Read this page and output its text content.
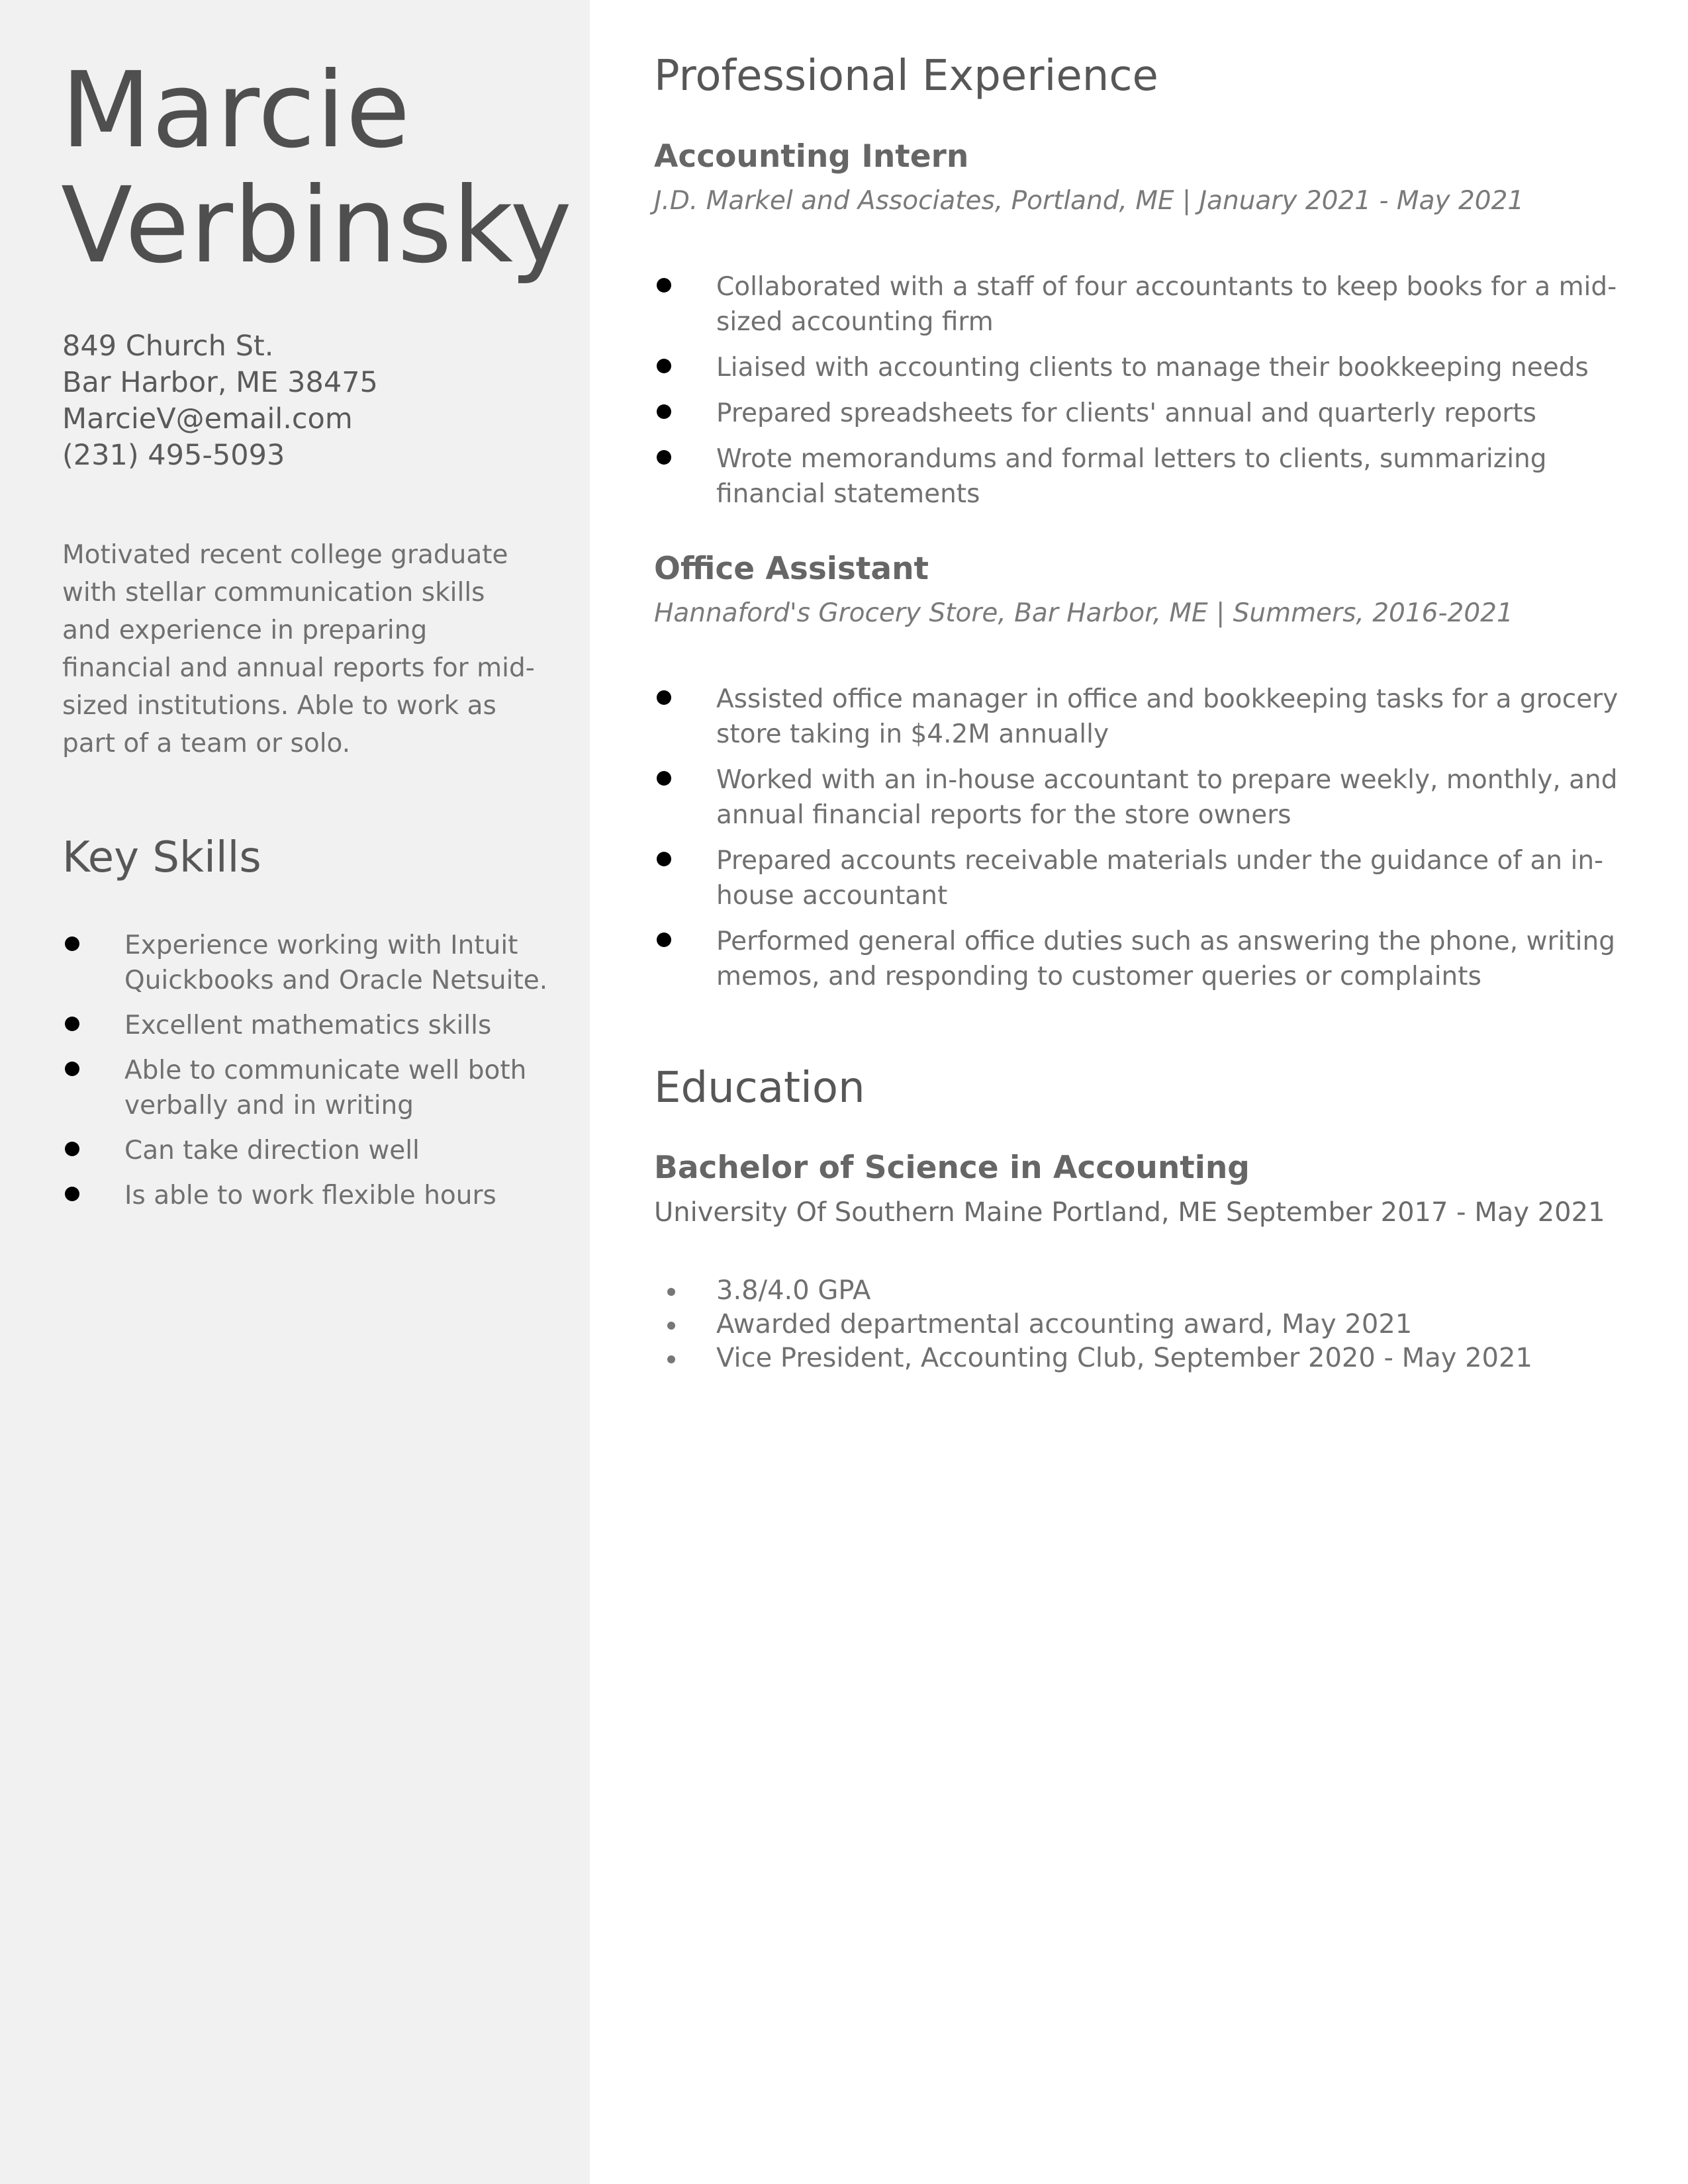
Marcie
Verbinsky
849 Church St.
Bar Harbor, ME 38475
MarcieV@email.com
(231) 495-5093

Motivated recent college graduate with stellar communication skills and experience in preparing financial and annual reports for mid-sized institutions. Able to work as part of a team or solo.

Key Skills
Experience working with Intuit Quickbooks and Oracle Netsuite.
Excellent mathematics skills
Able to communicate well both verbally and in writing
Can take direction well
Is able to work flexible hours
Professional Experience
Accounting Intern
J.D. Markel and Associates, Portland, ME | January 2021 - May 2021
Collaborated with a staff of four accountants to keep books for a mid-sized accounting firm
Liaised with accounting clients to manage their bookkeeping needs
Prepared spreadsheets for clients' annual and quarterly reports
Wrote memorandums and formal letters to clients, summarizing financial statements
Office Assistant
Hannaford's Grocery Store, Bar Harbor, ME | Summers, 2016-2021
Assisted office manager in office and bookkeeping tasks for a grocery store taking in $4.2M annually
Worked with an in-house accountant to prepare weekly, monthly, and annual financial reports for the store owners
Prepared accounts receivable materials under the guidance of an in-house accountant
Performed general office duties such as answering the phone, writing memos, and responding to customer queries or complaints
Education
Bachelor of Science in Accounting
University Of Southern Maine Portland, ME September 2017 - May 2021
3.8/4.0 GPA
Awarded departmental accounting award, May 2021
Vice President, Accounting Club, September 2020 - May 2021
